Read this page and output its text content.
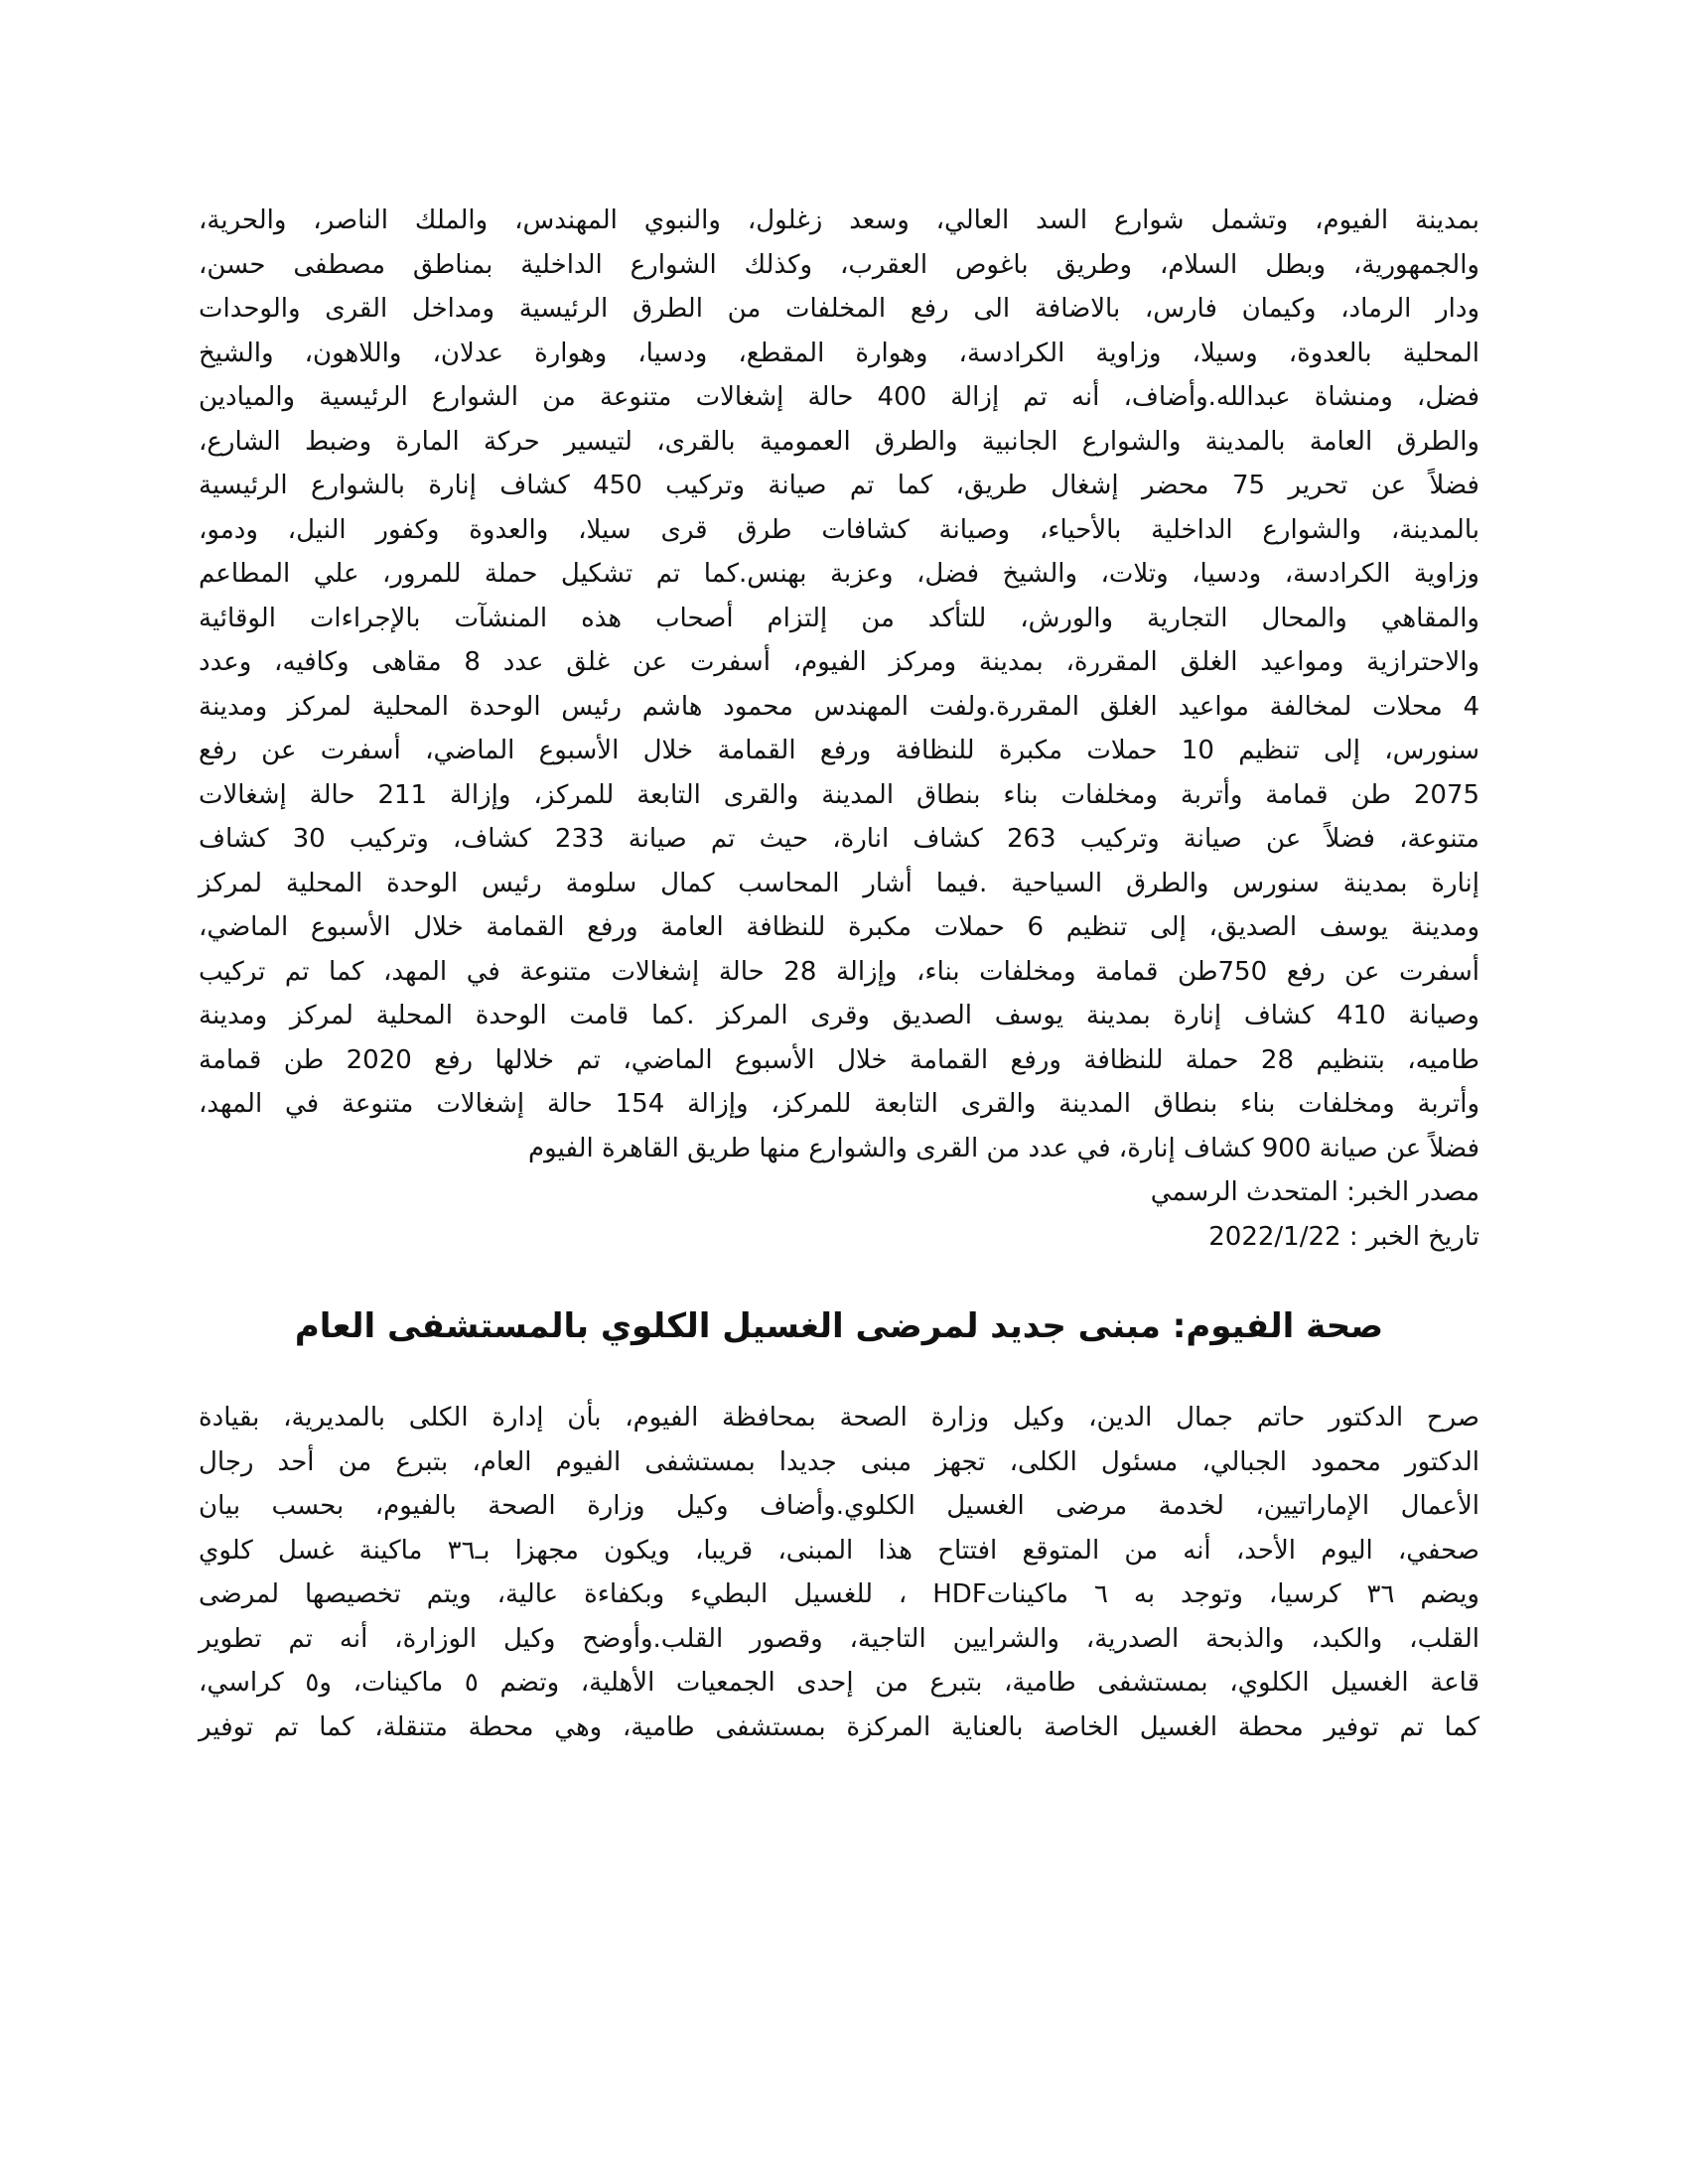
بمدينة الفيوم، وتشمل شوارع السد العالي، وسعد زغلول، والنبوي المهندس، والملك الناصر، والحرية،
والجمهورية، وبطل السلام، وطريق باغوص العقرب، وكذلك الشوارع الداخلية بمناطق مصطفى حسن،
ودار الرماد، وكيمان فارس، بالاضافة الى رفع المخلفات من الطرق الرئيسية ومداخل القرى والوحدات
المحلية بالعدوة، وسيلا، وزاوية الكرادسة، وهوارة المقطع، ودسيا، وهوارة عدلان، واللاهون، والشيخ
فضل، ومنشاة عبدالله.وأضاف، أنه تم إزالة 400 حالة إشغالات متنوعة من الشوارع الرئيسية والميادين
والطرق العامة بالمدينة والشوارع الجانبية والطرق العمومية بالقرى، لتيسير حركة المارة وضبط الشارع،
فضلاً عن تحرير 75 محضر إشغال طريق، كما تم صيانة وتركيب 450 كشاف إنارة بالشوارع الرئيسية
بالمدينة، والشوارع الداخلية بالأحياء، وصيانة كشافات طرق قرى سيلا، والعدوة وكفور النيل، ودمو،
وزاوية الكرادسة، ودسيا، وتلات، والشيخ فضل، وعزبة بهنس.كما تم تشكيل حملة للمرور، علي المطاعم
والمقاهي والمحال التجارية والورش، للتأكد من إلتزام أصحاب هذه المنشآت بالإجراءات الوقائية
والاحترازية ومواعيد الغلق المقررة، بمدينة ومركز الفيوم، أسفرت عن غلق عدد 8 مقاهى وكافيه، وعدد
4 محلات لمخالفة مواعيد الغلق المقررة.ولفت المهندس محمود هاشم رئيس الوحدة المحلية لمركز ومدينة
سنورس، إلى تنظيم 10 حملات مكبرة للنظافة ورفع القمامة خلال الأسبوع الماضي، أسفرت عن رفع
2075 طن قمامة وأتربة ومخلفات بناء بنطاق المدينة والقرى التابعة للمركز، وإزالة 211 حالة إشغالات
متنوعة، فضلاً عن صيانة وتركيب 263 كشاف انارة، حيث تم صيانة 233 كشاف، وتركيب 30 كشاف
إنارة بمدينة سنورس والطرق السياحية .فيما أشار المحاسب كمال سلومة رئيس الوحدة المحلية لمركز
ومدينة يوسف الصديق، إلى تنظيم 6 حملات مكبرة للنظافة العامة ورفع القمامة خلال الأسبوع الماضي،
أسفرت عن رفع 750طن قمامة ومخلفات بناء، وإزالة 28 حالة إشغالات متنوعة في المهد، كما تم تركيب
وصيانة 410 كشاف إنارة بمدينة يوسف الصديق وقرى المركز .كما قامت الوحدة المحلية لمركز ومدينة
طاميه، بتنظيم 28 حملة للنظافة ورفع القمامة خلال الأسبوع الماضي، تم خلالها رفع 2020 طن قمامة
وأتربة ومخلفات بناء بنطاق المدينة والقرى التابعة للمركز، وإزالة 154 حالة إشغالات متنوعة في المهد،
فضلاً عن صيانة 900 كشاف إنارة، في عدد من القرى والشوارع منها طريق القاهرة الفيوم

مصدر الخبر: المتحدث الرسمي

تاريخ الخبر : 2022/1/22

صحة الفيوم: مبنى جديد لمرضى الغسيل الكلوي بالمستشفى العام
صرح الدكتور حاتم جمال الدين، وكيل وزارة الصحة بمحافظة الفيوم، بأن إدارة الكلى بالمديرية، بقيادة
الدكتور محمود الجبالي، مسئول الكلى، تجهز مبنى جديدا بمستشفى الفيوم العام، بتبرع من أحد رجال
الأعمال الإماراتيين، لخدمة مرضى الغسيل الكلوي.وأضاف وكيل وزارة الصحة بالفيوم، بحسب بيان
صحفي، اليوم الأحد، أنه من المتوقع افتتاح هذا المبنى، قريبا، ويكون مجهزا بـ٣٦ ماكينة غسل كلوي
ويضم ٣٦ كرسيا، وتوجد به ٦ ماكيناتHDF ، للغسيل البطيء وبكفاءة عالية، ويتم تخصيصها لمرضى
القلب، والكبد، والذبحة الصدرية، والشرايين التاجية، وقصور القلب.وأوضح وكيل الوزارة، أنه تم تطوير
قاعة الغسيل الكلوي، بمستشفى طامية، بتبرع من إحدى الجمعيات الأهلية، وتضم ٥ ماكينات، و٥ كراسي،
كما تم توفير محطة الغسيل الخاصة بالعناية المركزة بمستشفى طامية، وهي محطة متنقلة، كما تم توفير
